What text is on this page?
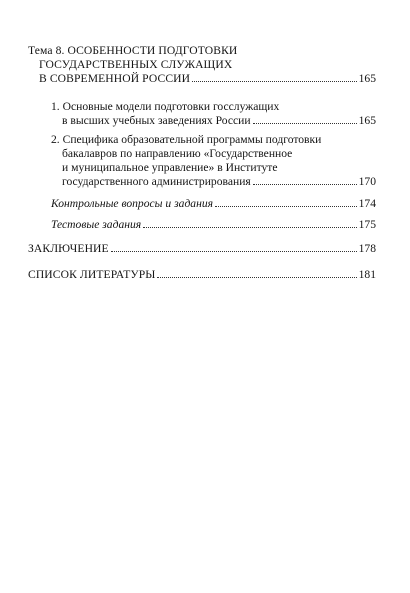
Тема 8. ОСОБЕННОСТИ ПОДГОТОВКИ
ГОСУДАРСТВЕННЫХ СЛУЖАЩИХ
В СОВРЕМЕННОЙ РОССИИ	165
1. Основные модели подготовки госслужащих
в высших учебных заведениях России	165
2. Специфика образовательной программы подготовки
бакалавров по направлению «Государственное
и муниципальное управление» в Институте
государственного администрирования	170
Контрольные вопросы и задания	174
Тестовые задания	175
ЗАКЛЮЧЕНИЕ	178
СПИСОК ЛИТЕРАТУРЫ	181
